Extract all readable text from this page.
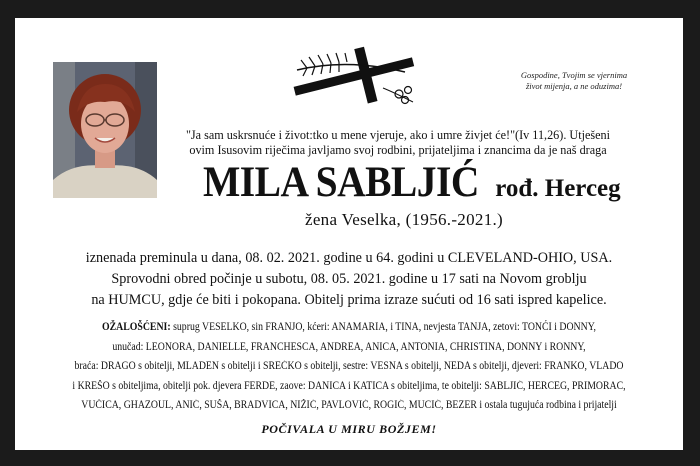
Gospodine, Tvojim se vjernima
život mijenja, a ne oduzima!
"Ja sam uskrsnuće i život:tko u mene vjeruje, ako i umre živjet će!"(Iv 11,26). Utješeni
ovim Isusovim riječima javljamo svoj rodbini, prijateljima i znancima da je naš draga
MILA SABLJIĆ rođ. Herceg
žena Veselka, (1956.-2021.)
iznenada preminula u dana, 08. 02. 2021. godine u 64. godini u CLEVELAND-OHIO, USA.
Sprovodni obred počinje u subotu, 08. 05. 2021. godine u 17 sati na Novom groblju
na HUMCU, gdje će biti i pokopana. Obitelj prima izraze sućuti od 16 sati ispred kapelice.
OŽALOŠĆENI: suprug VESELKO, sin FRANJO, kćeri: ANAMARIA, i TINA, nevjesta TANJA, zetovi: TONĆI i DONNY,
unučad: LEONORA, DANIELLE, FRANCHESCA, ANDREA, ANICA, ANTONIA, CHRISTINA, DONNY i RONNY,
braća: DRAGO s obitelji, MLADEN s obitelji i SREĆKO s obitelji, sestre: VESNA s obitelji, NEDA s obitelji, djeveri: FRANKO, VLADO
i KREŠO s obiteljima, obitelji pok. djevera FERDE, zaove: DANICA i KATICA s obiteljima, te obitelji: SABLJIĆ, HERCEG, PRIMORAC,
VUČICA, GHAZOUL, ANIĆ, SUŠA, BRADVICA, NIŽIĆ, PAVLOVIĆ, ROGIĆ, MUCIĆ, BEZER i ostala tugujuća rodbina i prijatelji
POČIVALA U MIRU BOŽJEM!
